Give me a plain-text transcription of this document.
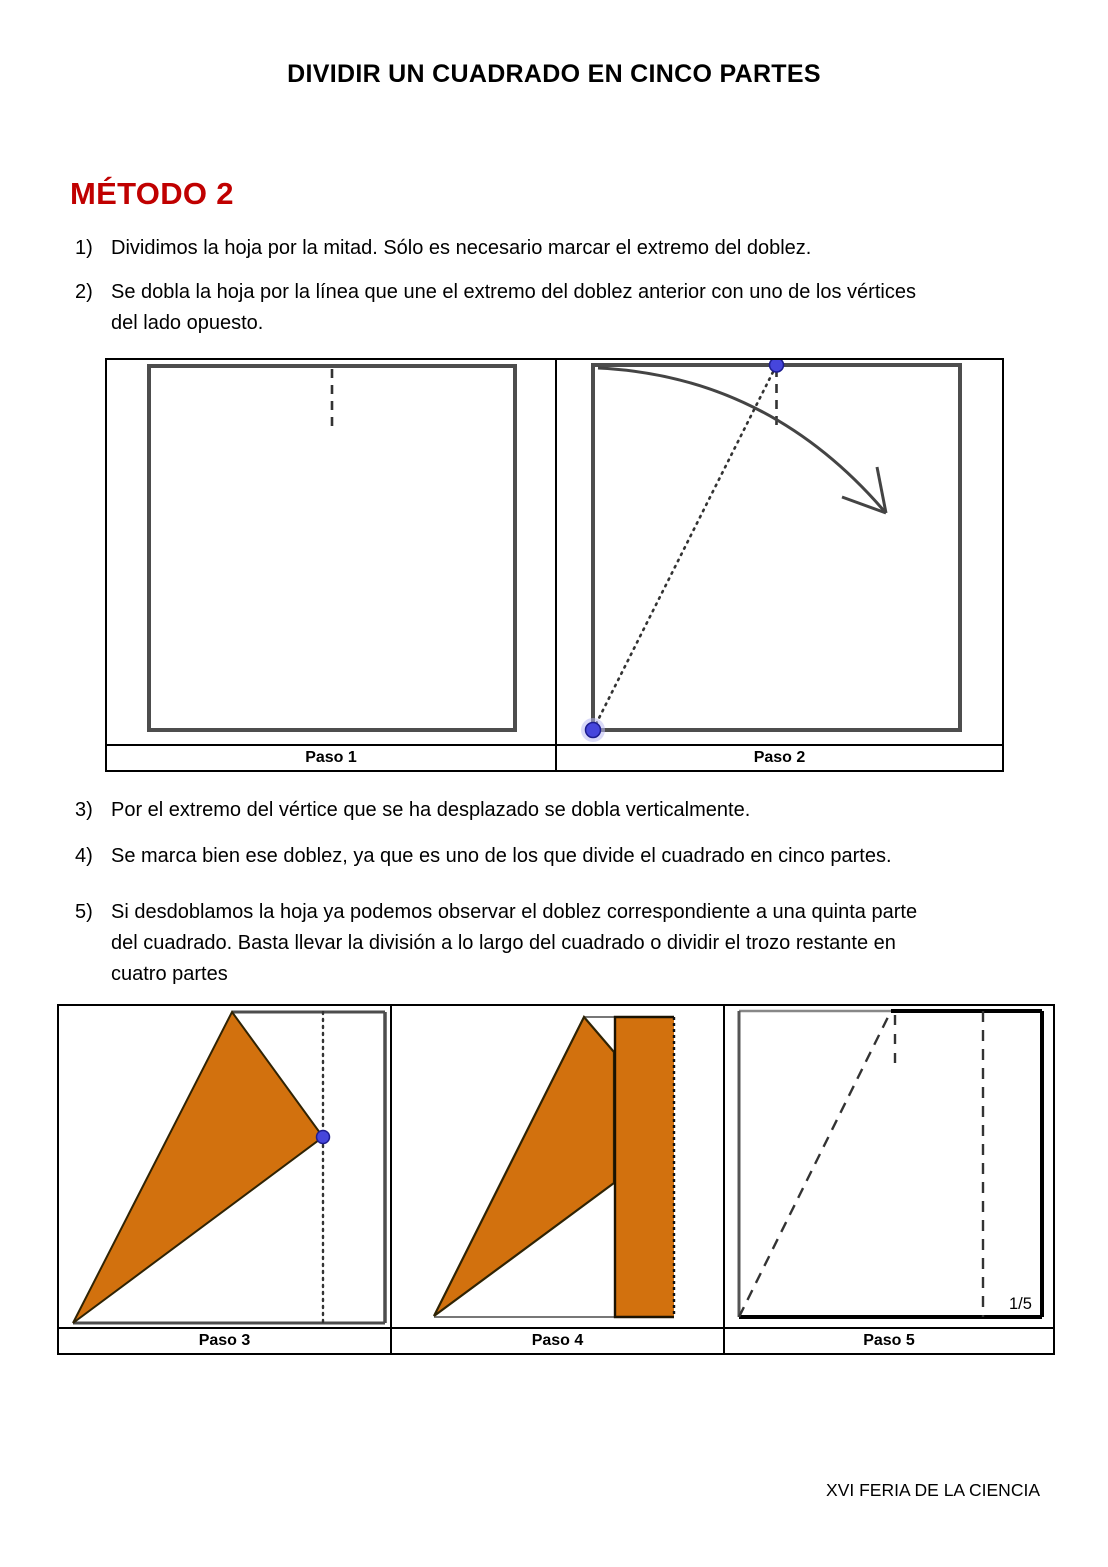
DIVIDIR UN CUADRADO EN CINCO PARTES
MÉTODO 2
1) Dividimos la hoja por la mitad. Sólo es necesario marcar el extremo del doblez.
2) Se dobla la hoja por la línea que une el extremo del doblez anterior con uno de los vértices
del lado opuesto.
Paso 1	Paso 2
3) Por el extremo del vértice que se ha desplazado se dobla verticalmente.
4) Se marca bien ese doblez, ya que es uno de los que divide el cuadrado en cinco partes.
5) Si desdoblamos la hoja ya podemos observar el doblez correspondiente a una quinta parte
del cuadrado. Basta llevar la división a lo largo del cuadrado o dividir el trozo restante en
cuatro partes
1/5
Paso 3	Paso 4	Paso 5
XVI FERIA DE LA CIENCIA
